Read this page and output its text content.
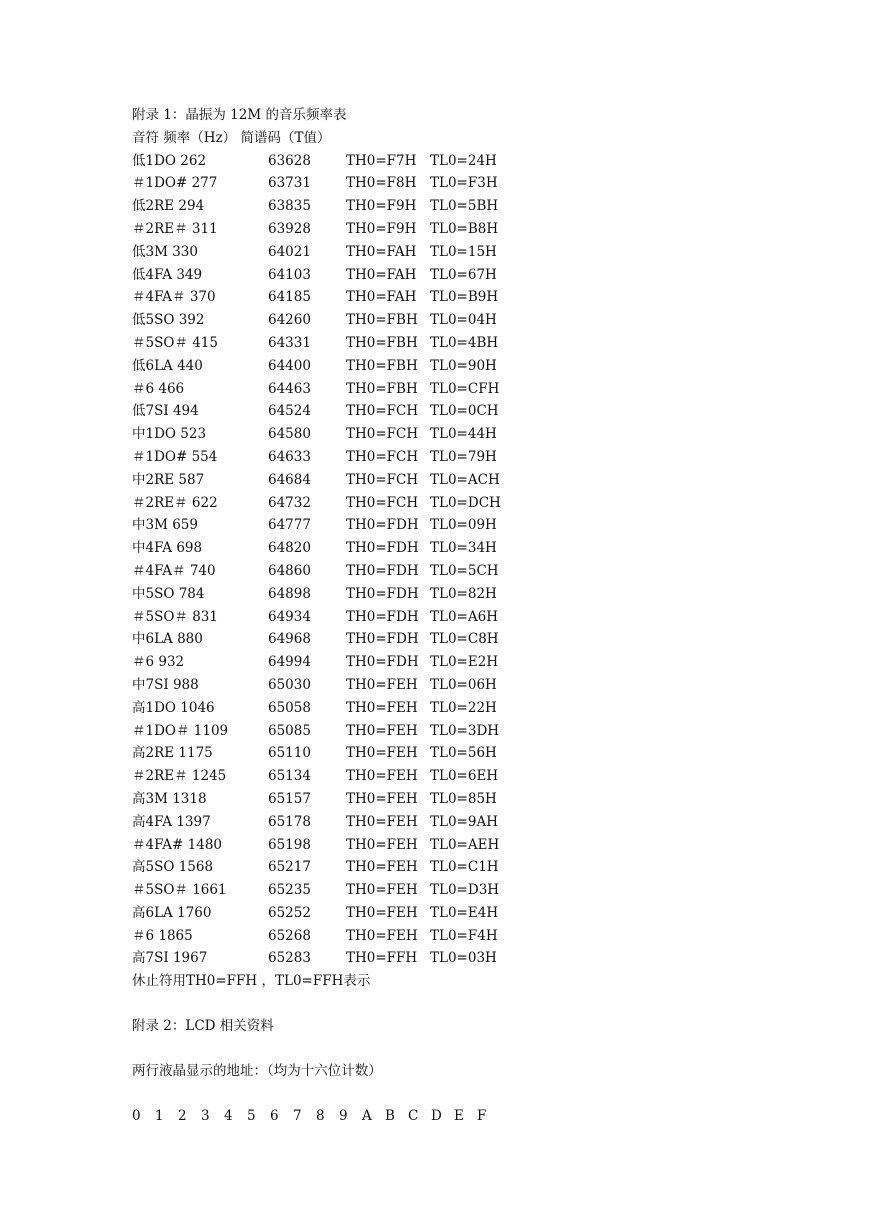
附录 1：晶振为 12M 的音乐频率表
音符 频率（Hz） 简谱码（T值）
低1DO 262	63628	TH0=F7H TL0=24H
＃1DO# 277	63731	TH0=F8H TL0=F3H
低2RE 294	63835	TH0=F9H TL0=5BH
＃2RE＃ 311	63928	TH0=F9H TL0=B8H
低3M 330	64021	TH0=FAH TL0=15H
低4FA 349	64103	TH0=FAH TL0=67H
＃4FA＃ 370	64185	TH0=FAH TL0=B9H
低5SO 392	64260	TH0=FBH TL0=04H
＃5SO＃ 415	64331	TH0=FBH TL0=4BH
低6LA 440	64400	TH0=FBH TL0=90H
＃6 466	64463	TH0=FBH TL0=CFH
低7SI 494	64524	TH0=FCH TL0=0CH
中1DO 523	64580	TH0=FCH TL0=44H
＃1DO# 554	64633	TH0=FCH TL0=79H
中2RE 587	64684	TH0=FCH TL0=ACH
＃2RE＃ 622	64732	TH0=FCH TL0=DCH
中3M 659	64777	TH0=FDH TL0=09H
中4FA 698	64820	TH0=FDH TL0=34H
＃4FA＃ 740	64860	TH0=FDH TL0=5CH
中5SO 784	64898	TH0=FDH TL0=82H
＃5SO＃ 831	64934	TH0=FDH TL0=A6H
中6LA 880	64968	TH0=FDH TL0=C8H
＃6 932	64994	TH0=FDH TL0=E2H
中7SI 988	65030	TH0=FEH TL0=06H
高1DO 1046	65058	TH0=FEH TL0=22H
＃1DO＃ 1109	65085	TH0=FEH TL0=3DH
高2RE 1175	65110	TH0=FEH TL0=56H
＃2RE＃ 1245	65134	TH0=FEH TL0=6EH
高3M 1318	65157	TH0=FEH TL0=85H
高4FA 1397	65178	TH0=FEH TL0=9AH
＃4FA# 1480	65198	TH0=FEH TL0=AEH
高5SO 1568	65217	TH0=FEH TL0=C1H
＃5SO＃ 1661	65235	TH0=FEH TL0=D3H
高6LA 1760	65252	TH0=FEH TL0=E4H
＃6 1865	65268	TH0=FEH TL0=F4H
高7SI 1967	65283	TH0=FFH TL0=03H
休止符用TH0=FFH ，TL0=FFH表示
附录 2：LCD 相关资料
两行液晶显示的地址：（均为十六位计数）
0 1 2 3 4 5 6 7 8 9 A B C D E F
